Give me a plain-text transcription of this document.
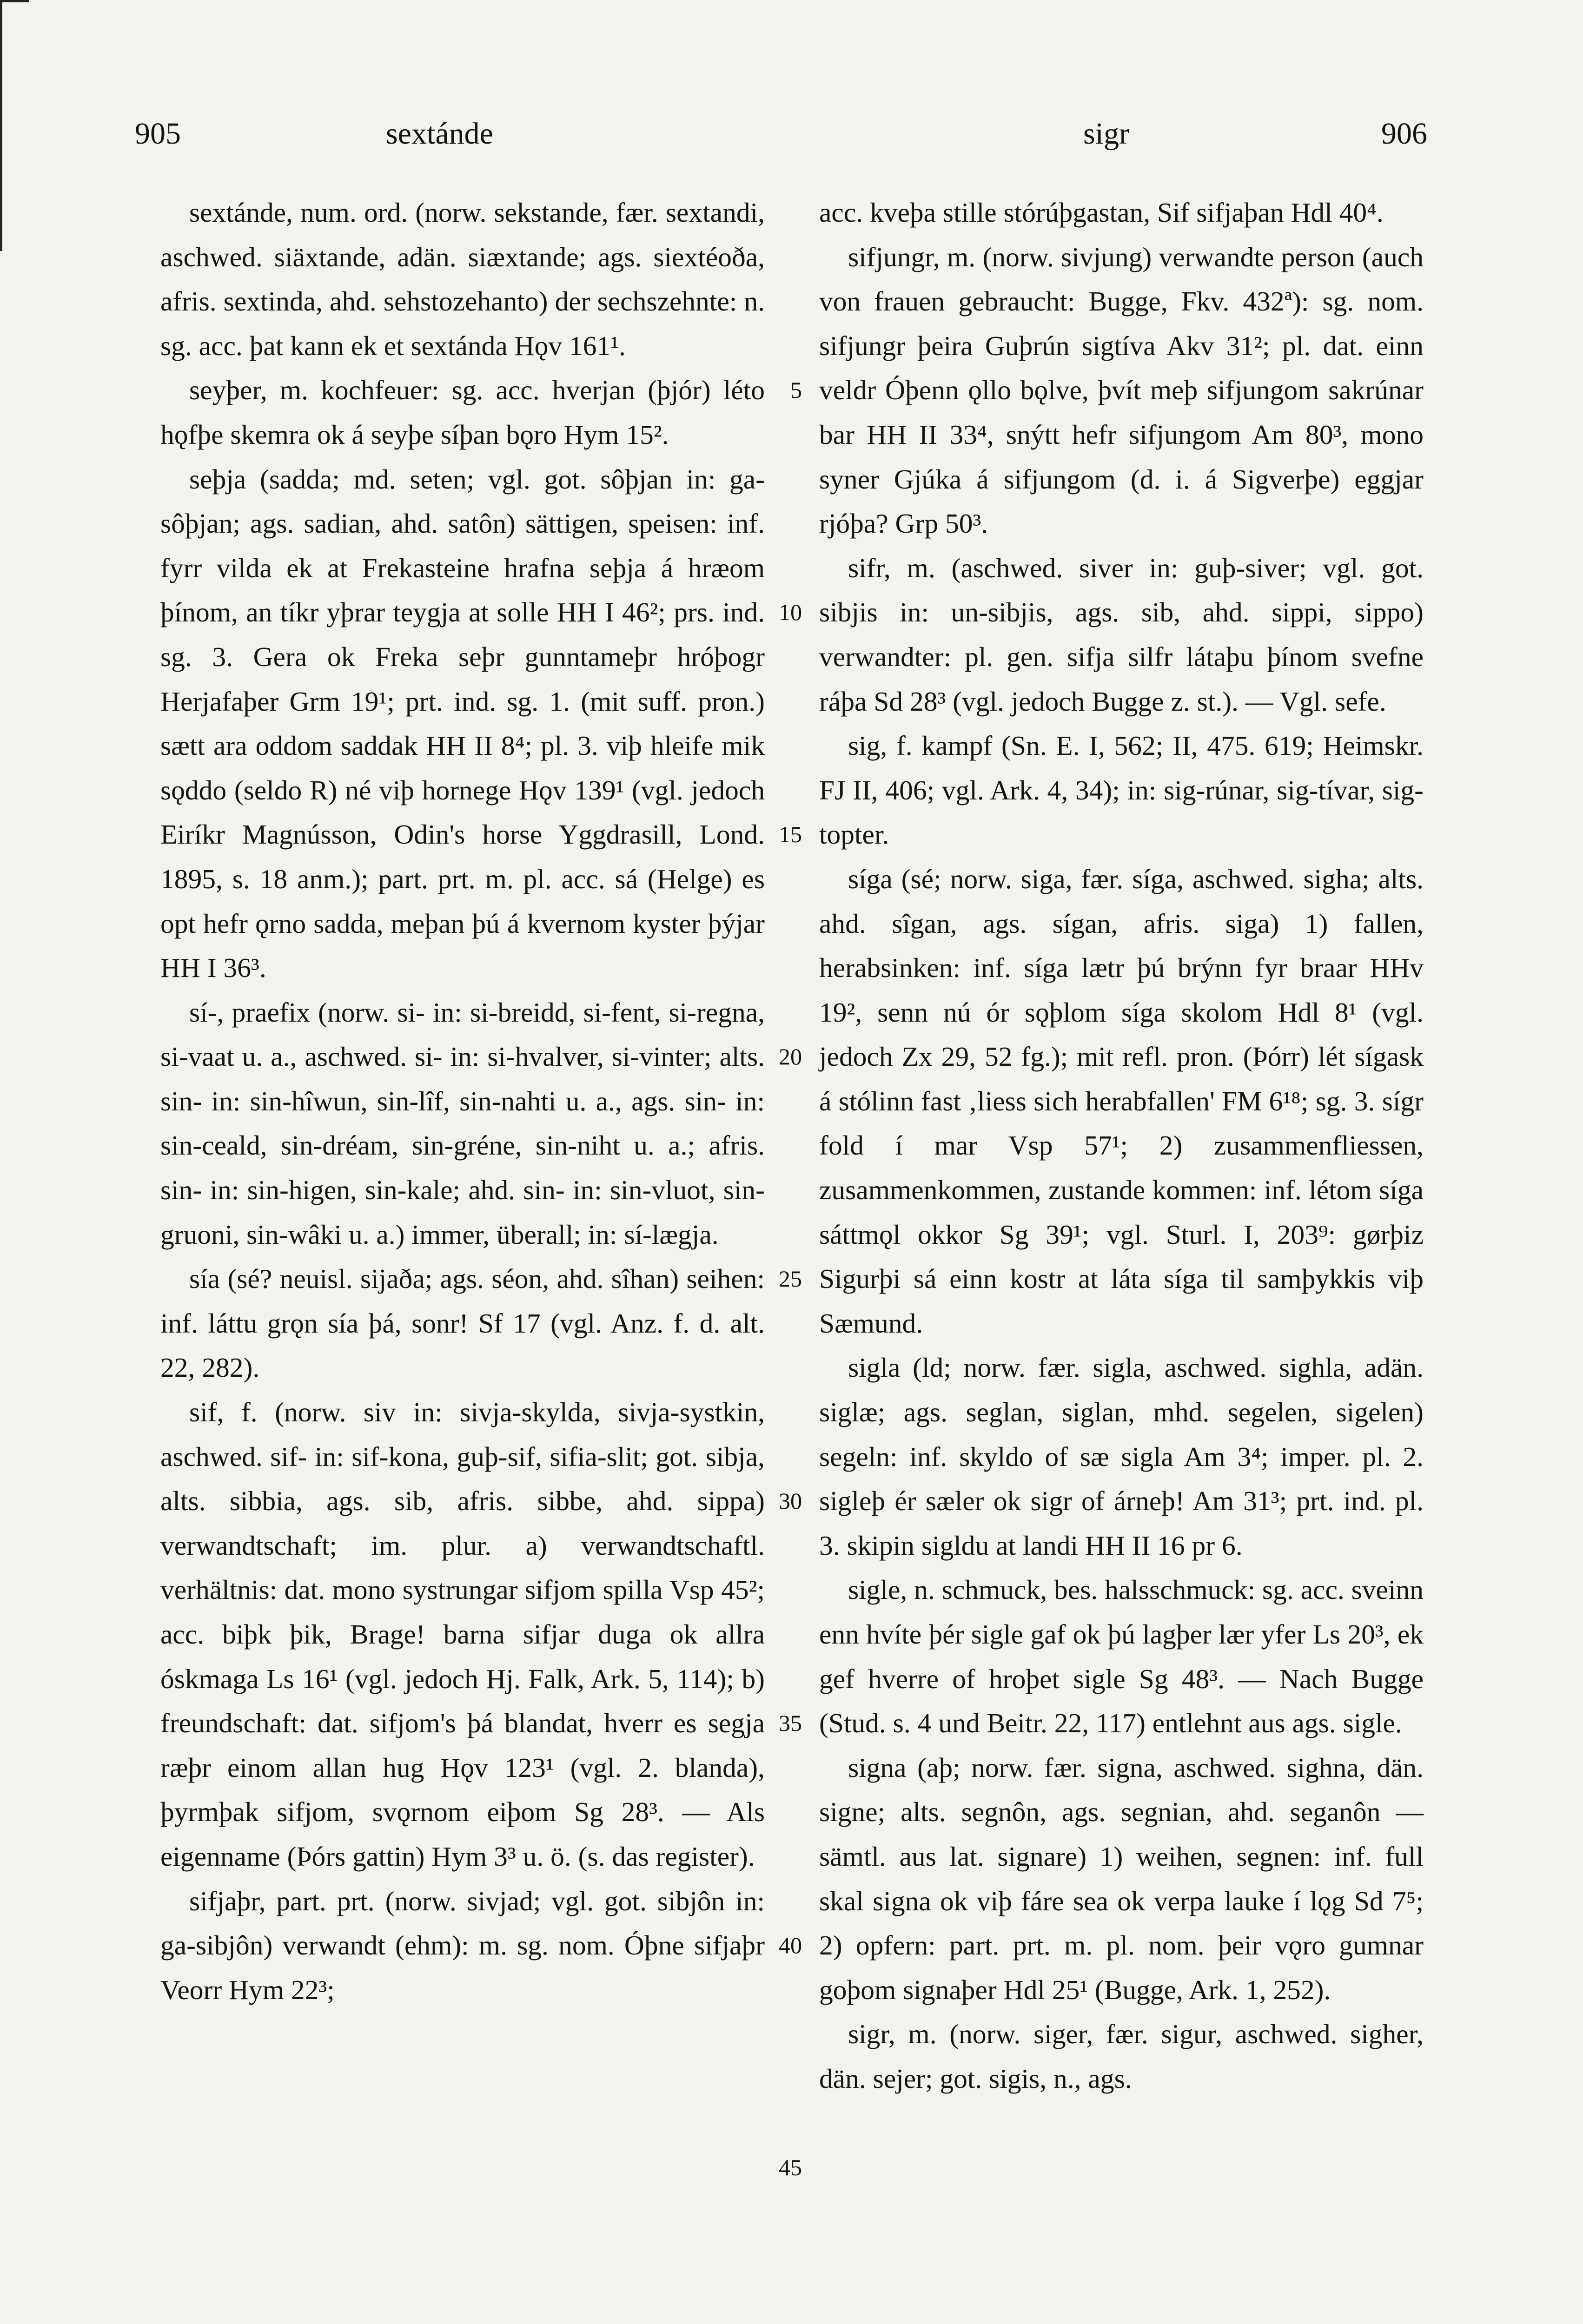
905	sextánde	sigr	906

sextánde, num. ord. (norw. sekstande, fær. sextandi, aschwed. siäxtande, adän. siæxtande; ags. siextéoða, afris. sextinda, ahd. sehstozehanto) der sechszehnte: n. sg. acc. þat kann ek et sextánda Hǫv 161¹.

seyþer, m. kochfeuer: sg. acc. hverjan (þjór) léto hǫfþe skemra ok á seyþe síþan bǫro Hym 15².

seþja (sadda; md. seten; vgl. got. sôþjan in: ga-sôþjan; ags. sadian, ahd. satôn) sättigen, speisen: inf. fyrr vilda ek at Frekasteine hrafna seþja á hræom þínom, an tíkr yþrar teygja at solle HH I 46²; prs. ind. sg. 3. Gera ok Freka seþr gunntameþr hróþogr Herjafaþer Grm 19¹; prt. ind. sg. 1. (mit suff. pron.) sætt ara oddom saddak HH II 8⁴; pl. 3. viþ hleife mik sǫddo (seldo R) né viþ hornege Hǫv 139¹ (vgl. jedoch Eiríkr Magnússon, Odin's horse Yggdrasill, Lond. 1895, s. 18 anm.); part. prt. m. pl. acc. sá (Helge) es opt hefr ǫrno sadda, meþan þú á kvernom kyster þýjar HH I 36³.

sí-, praefix (norw. si- in: si-breidd, si-fent, si-regna, si-vaat u. a., aschwed. si- in: si-hvalver, si-vinter; alts. sin- in: sin-hîwun, sin-lîf, sin-nahti u. a., ags. sin- in: sin-ceald, sin-dréam, sin-gréne, sin-niht u. a.; afris. sin- in: sin-higen, sin-kale; ahd. sin- in: sin-vluot, sin-gruoni, sin-wâki u. a.) immer, überall; in: sí-lægja.

sía (sé? neuisl. sijaða; ags. séon, ahd. sîhan) seihen: inf. láttu grǫn sía þá, sonr! Sf 17 (vgl. Anz. f. d. alt. 22, 282).

sif, f. (norw. siv in: sivja-skylda, sivja-systkin, aschwed. sif- in: sif-kona, guþ-sif, sifia-slit; got. sibja, alts. sibbia, ags. sib, afris. sibbe, ahd. sippa) verwandtschaft; im. plur. a) verwandtschaftl. verhältnis: dat. mono systrungar sifjom spilla Vsp 45²; acc. biþk þik, Brage! barna sifjar duga ok allra óskmaga Ls 16¹ (vgl. jedoch Hj. Falk, Ark. 5, 114); b) freundschaft: dat. sifjom's þá blandat, hverr es segja ræþr einom allan hug Hǫv 123¹ (vgl. 2. blanda), þyrmþak sifjom, svǫrnom eiþom Sg 28³. — Als eigenname (Þórs gattin) Hym 3³ u. ö. (s. das register).

sifjaþr, part. prt. (norw. sivjad; vgl. got. sibjôn in: ga-sibjôn) verwandt (ehm): m. sg. nom. Óþne sifjaþr Veorr Hym 22³;

5
10
15
20
25
30
35
40
45

acc. kveþa stille stórúþgastan, Sif sifjaþan Hdl 40⁴.

sifjungr, m. (norw. sivjung) verwandte person (auch von frauen gebraucht: Bugge, Fkv. 432ª): sg. nom. sifjungr þeira Guþrún sigtíva Akv 31²; pl. dat. einn veldr Óþenn ǫllo bǫlve, þvít meþ sifjungom sakrúnar bar HH II 33⁴, snýtt hefr sifjungom Am 80³, mono syner Gjúka á sifjungom (d. i. á Sigverþe) eggjar rjóþa? Grp 50³.

sifr, m. (aschwed. siver in: guþ-siver; vgl. got. sibjis in: un-sibjis, ags. sib, ahd. sippi, sippo) verwandter: pl. gen. sifja silfr látaþu þínom svefne ráþa Sd 28³ (vgl. jedoch Bugge z. st.). — Vgl. sefe.

sig, f. kampf (Sn. E. I, 562; II, 475. 619; Heimskr. FJ II, 406; vgl. Ark. 4, 34); in: sig-rúnar, sig-tívar, sig-topter.

síga (sé; norw. siga, fær. síga, aschwed. sigha; alts. ahd. sîgan, ags. sígan, afris. siga) 1) fallen, herabsinken: inf. síga lætr þú brýnn fyr braar HHv 19², senn nú ór sǫþlom síga skolom Hdl 8¹ (vgl. jedoch Zx 29, 52 fg.); mit refl. pron. (Þórr) lét sígask á stólinn fast ‚liess sich herabfallen' FM 6¹⁸; sg. 3. sígr fold í mar Vsp 57¹; 2) zusammenfliessen, zusammenkommen, zustande kommen: inf. létom síga sáttmǫl okkor Sg 39¹; vgl. Sturl. I, 203⁹: gørþiz Sigurþi sá einn kostr at láta síga til samþykkis viþ Sæmund.

sigla (ld; norw. fær. sigla, aschwed. sighla, adän. siglæ; ags. seglan, siglan, mhd. segelen, sigelen) segeln: inf. skyldo of sæ sigla Am 3⁴; imper. pl. 2. sigleþ ér sæler ok sigr of árneþ! Am 31³; prt. ind. pl. 3. skipin sigldu at landi HH II 16 pr 6.

sigle, n. schmuck, bes. halsschmuck: sg. acc. sveinn enn hvíte þér sigle gaf ok þú lagþer lær yfer Ls 20³, ek gef hverre of hroþet sigle Sg 48³. — Nach Bugge (Stud. s. 4 und Beitr. 22, 117) entlehnt aus ags. sigle.

signa (aþ; norw. fær. signa, aschwed. sighna, dän. signe; alts. segnôn, ags. segnian, ahd. seganôn — sämtl. aus lat. signare) 1) weihen, segnen: inf. full skal signa ok viþ fáre sea ok verpa lauke í lǫg Sd 7⁵; 2) opfern: part. prt. m. pl. nom. þeir vǫro gumnar goþom signaþer Hdl 25¹ (Bugge, Ark. 1, 252).

sigr, m. (norw. siger, fær. sigur, aschwed. sigher, dän. sejer; got. sigis, n., ags.
